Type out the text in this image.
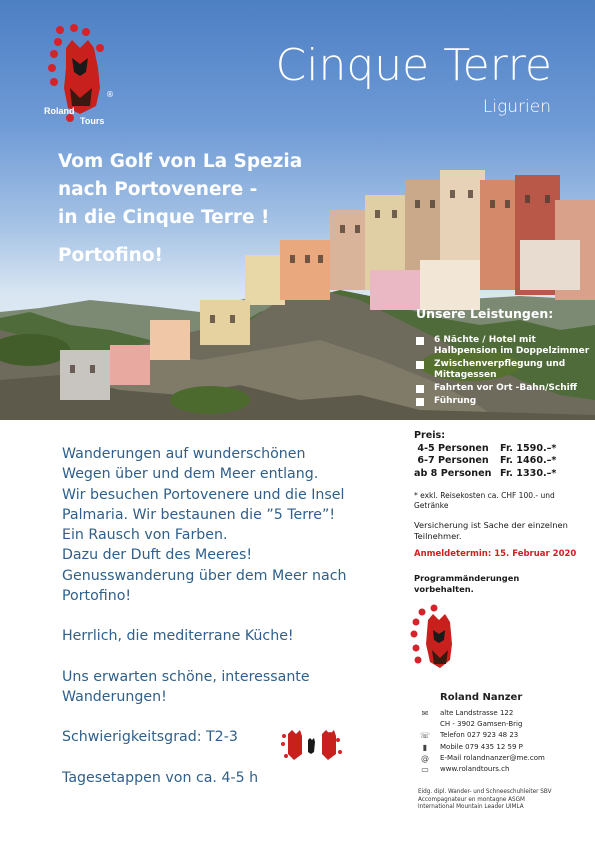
Roland
Tours
®
Cinque Terre
Ligurien
Vom Golf von La Spezia
nach Portovenere -
in die Cinque Terre !
Portofino!
Unsere Leistungen:
6 Nächte / Hotel mit Halbpension im Doppelzimmer
Zwischenverpflegung und Mittagessen
Fahrten vor Ort -Bahn/Schiff
Führung
Wanderungen auf wunderschönen
Wegen über und dem Meer entlang.
Wir besuchen Portovenere und die Insel
Palmaria. Wir bestaunen die ”5 Terre”!
Ein Rausch von Farben.
Dazu der Duft des Meeres!
Genusswanderung über dem Meer nach
Portofino!
Herrlich, die mediterrane Küche!
Uns erwarten schöne, interessante
Wanderungen!
Schwierigkeitsgrad: T2-3
Tagesetappen von ca. 4-5 h
Preis:
4-5 Personen	Fr. 1590.–*
6-7 Personen	Fr. 1460.–*
ab 8 Personen Fr. 1330.–*
* exkl. Reisekosten ca. CHF 100.- und Getränke
Versicherung ist Sache der einzelnen Teilnehmer.
Anmeldetermin: 15. Februar 2020
Programmänderungen vorbehalten.
Roland Nanzer
✉	alte Landstrasse 122
CH - 3902 Gamsen-Brig
☏ Telefon 027 923 48 23
▮	Mobile 079 435 12 59 P
@	E-Mail rolandnanzer@me.com
▭	www.rolandtours.ch
Eidg. dipl. Wander- und Schneeschuhleiter SBV
Accompagnateur en montagne ASGM
International Mountain Leader UIMLA
